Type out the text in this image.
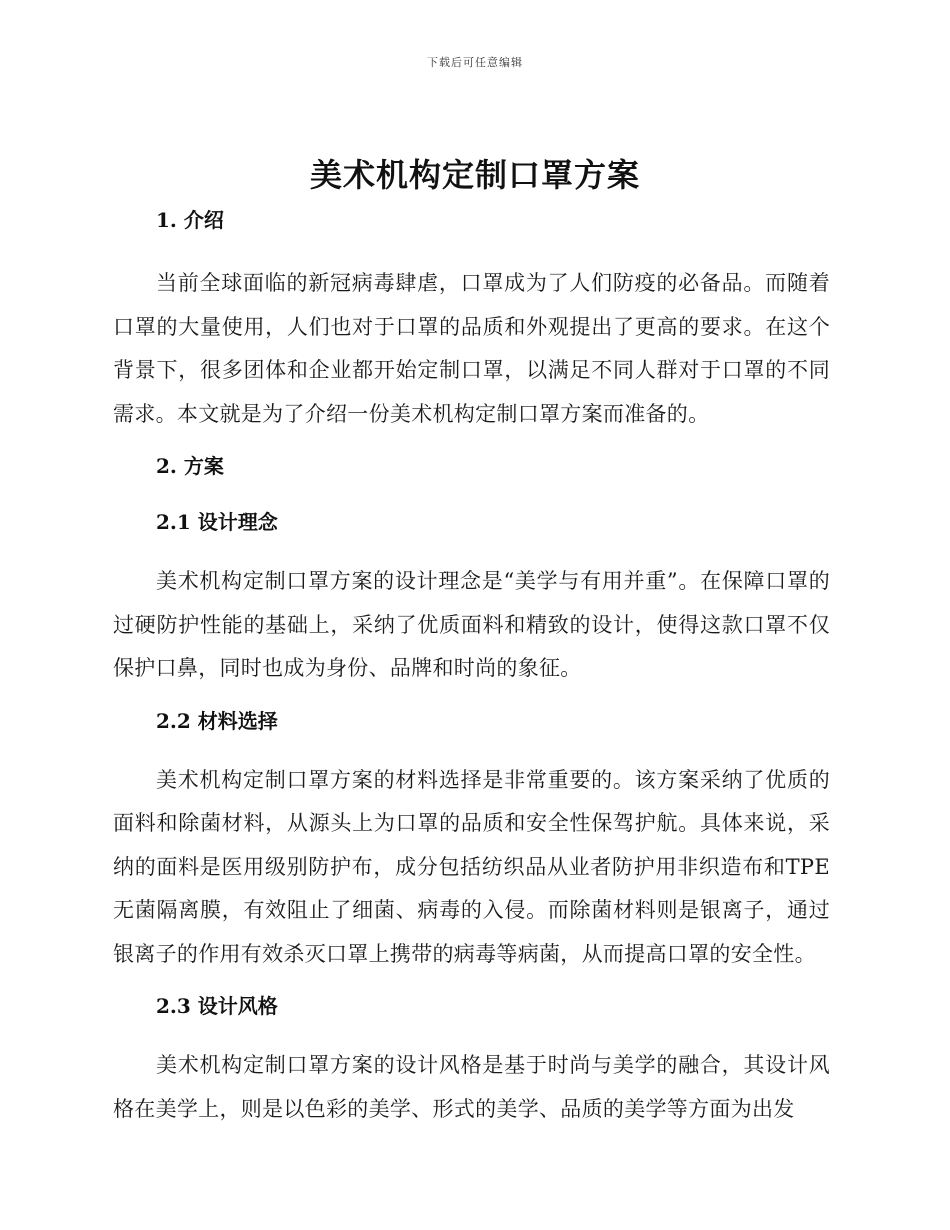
下载后可任意编辑
美术机构定制口罩方案
1. 介绍

当前全球面临的新冠病毒肆虐，口罩成为了人们防疫的必备品。而随着口罩的大量使用，人们也对于口罩的品质和外观提出了更高的要求。在这个背景下，很多团体和企业都开始定制口罩，以满足不同人群对于口罩的不同需求。本文就是为了介绍一份美术机构定制口罩方案而准备的。

2. 方案
2.1 设计理念

美术机构定制口罩方案的设计理念是“美学与有用并重”。在保障口罩的过硬防护性能的基础上，采纳了优质面料和精致的设计，使得这款口罩不仅保护口鼻，同时也成为身份、品牌和时尚的象征。

2.2 材料选择

美术机构定制口罩方案的材料选择是非常重要的。该方案采纳了优质的面料和除菌材料，从源头上为口罩的品质和安全性保驾护航。具体来说，采纳的面料是医用级别防护布，成分包括纺织品从业者防护用非织造布和TPE无菌隔离膜，有效阻止了细菌、病毒的入侵。而除菌材料则是银离子，通过银离子的作用有效杀灭口罩上携带的病毒等病菌，从而提高口罩的安全性。

2.3 设计风格

美术机构定制口罩方案的设计风格是基于时尚与美学的融合，其设计风格在美学上，则是以色彩的美学、形式的美学、品质的美学等方面为出发
